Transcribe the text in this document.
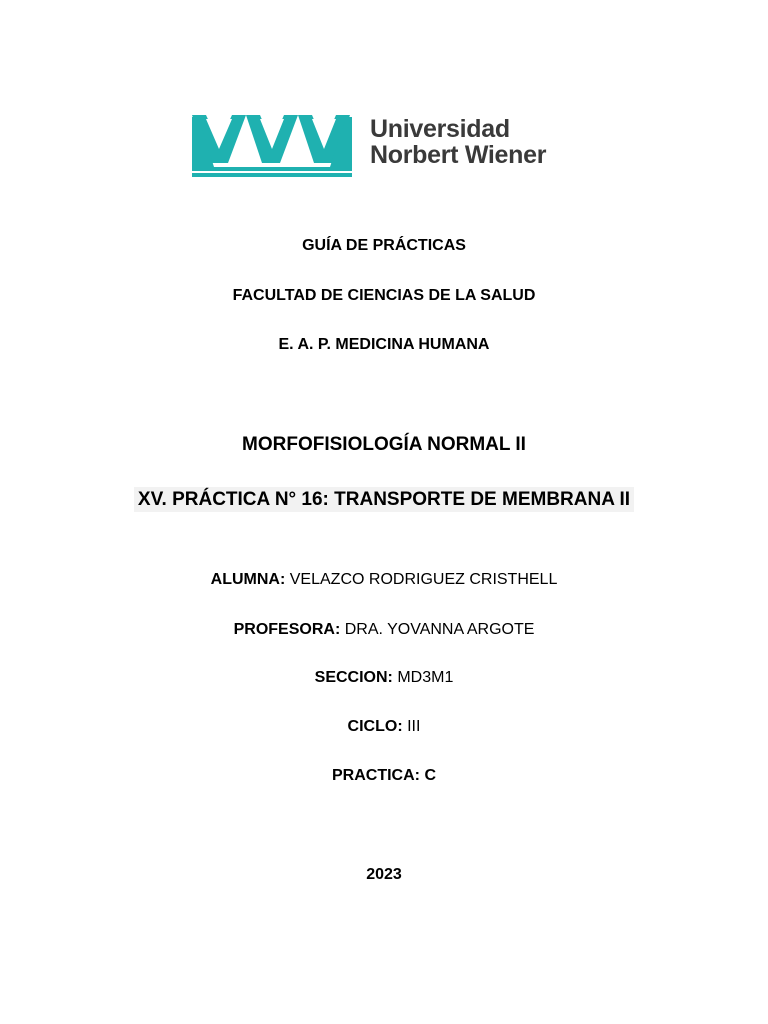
Universidad
Norbert Wiener
GUÍA DE PRÁCTICAS
FACULTAD DE CIENCIAS DE LA SALUD
E. A. P. MEDICINA HUMANA
MORFOFISIOLOGÍA NORMAL II
XV. PRÁCTICA N° 16: TRANSPORTE DE MEMBRANA II
ALUMNA: VELAZCO RODRIGUEZ CRISTHELL
PROFESORA: DRA. YOVANNA ARGOTE
SECCION: MD3M1
CICLO: III
PRACTICA: C
2023
